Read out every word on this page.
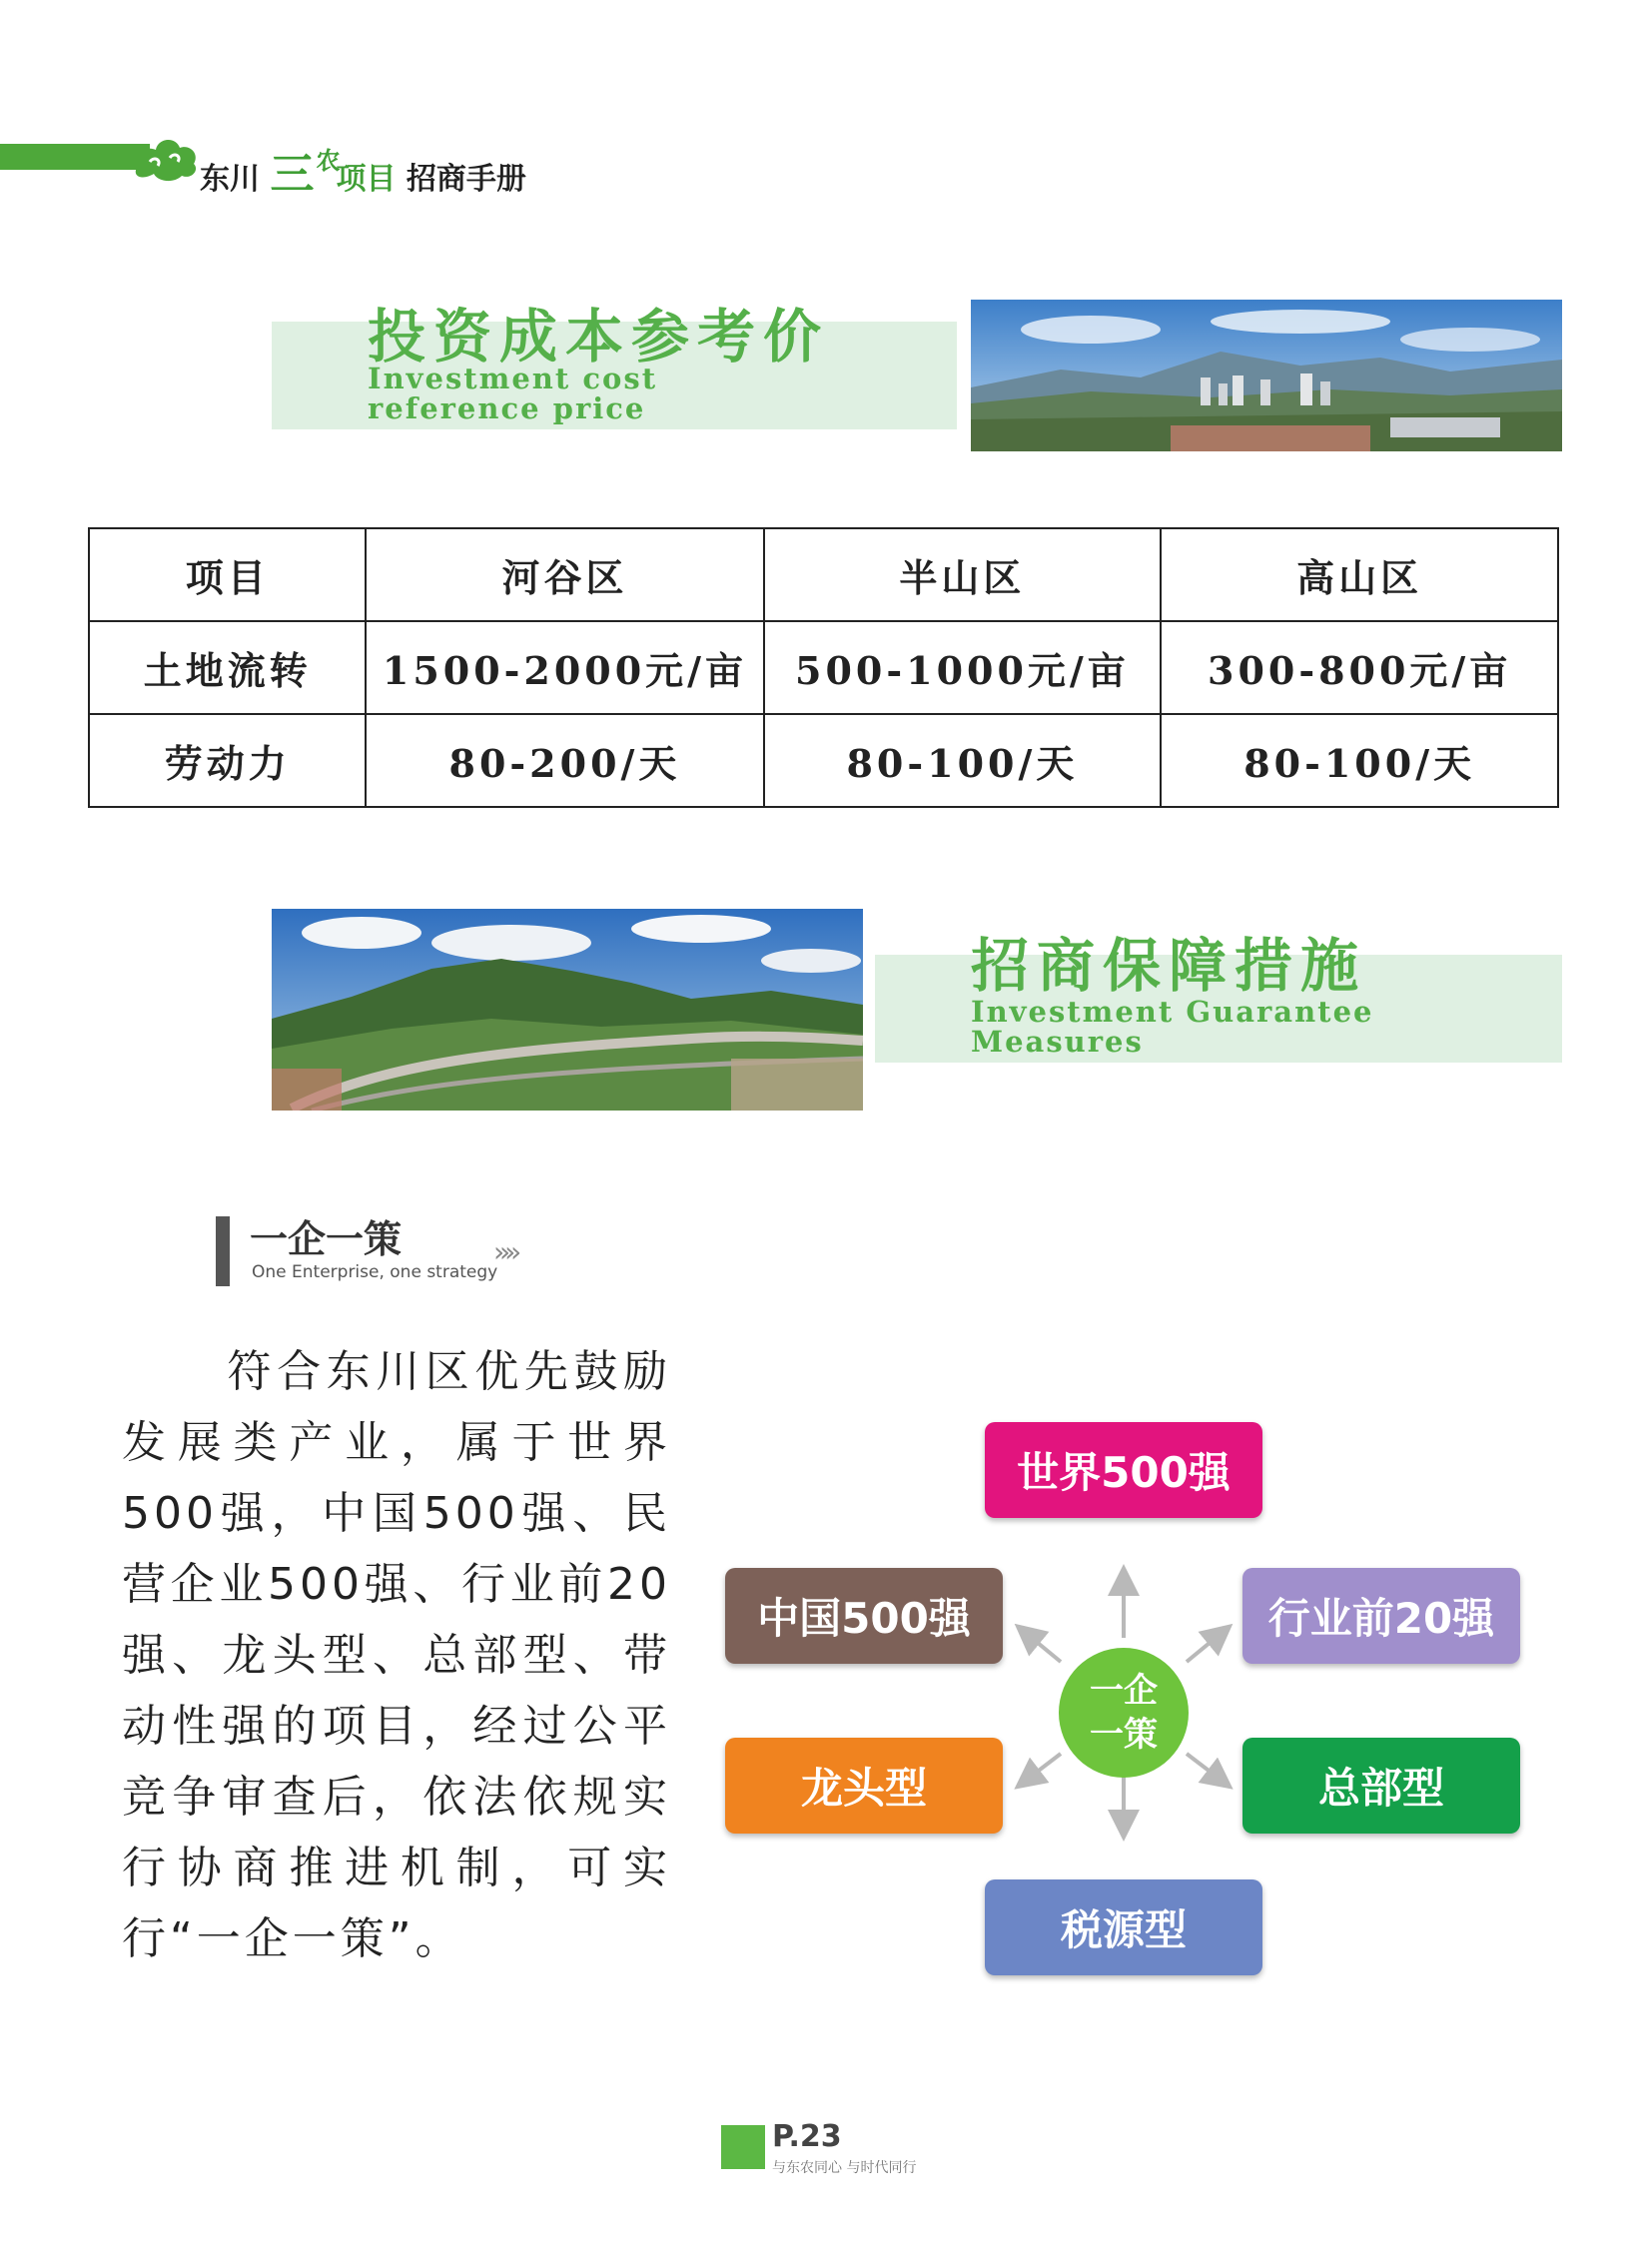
东川 三$^农$项目 招商手册
投资成本参考价
Investment cost
reference price
项目	河谷区	半山区	高山区
土地流转	1500-2000元/亩	500-1000元/亩	300-800元/亩
劳动力	80-200/天	80-100/天	80-100/天
招商保障措施
Investment Guarantee
Measures
一企一策
One Enterprise, one strategy
»»
符合东川区优先鼓励发展类产业，属于世界500强，中国500强、民营企业500强、行业前20强、龙头型、总部型、带动性强的项目，经过公平竞争审查后，依法依规实行协商推进机制，可实行“一企一策”。
世界500强
中国500强	行业前20强
龙头型	总部型
税源型
一企
一策
P.23
与东农同心 与时代同行
